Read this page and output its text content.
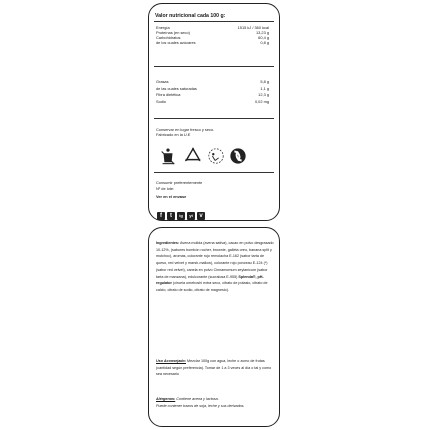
Valor nutricional cada 100 g:
Energía	1515 kJ / 360 kcal
Proteínas (en seco)	13,23 g
Carbohidratos	60,4 g
de los cuales azúcares	0,8 g
Grasas	5,8 g
de las cuales saturadas	1,1 g
Fibra dietética	12,3 g
Sodio	0,02 mg
Conservar en lugar fresco y seco.
Fabricado en la U.E
Consumir preferentemente
Nº de lote:
Ver en el envase
f	t	ig	yt	v
Ingredientes: Avena molida (avena sativa), cacao en polvo desgrasado 10-12%, (sabores bombón rocher, brownie, galleta oreo, banana split y mutchoc), aromas, colorante rojo remolacha E-162 (sabor tarta de queso, red velvet y marsh-mallow), colorante rojo ponceau E-124 (*) (sabor red velvet), canela en polvo Cinnamomum zeylanicum (sabor tarta de manzana), edulcorante (sucralosa E-955) Splenda®, pH-regulator (ciruela umeboshi extra seco, citrato de potasio, citrato de calcio, citrato de sodio, citrato de magnesio).
Uso Aconsejado: Mezclar 100g con agua, leche o zumo de frutas (cantidad según preferencia). Tomar de 1 a 3 veces al día o tal y como sea necesario
Alérgenos: Contiene avena y lactosa.
Puede contener trazos de soja, leche y sus derivados.
